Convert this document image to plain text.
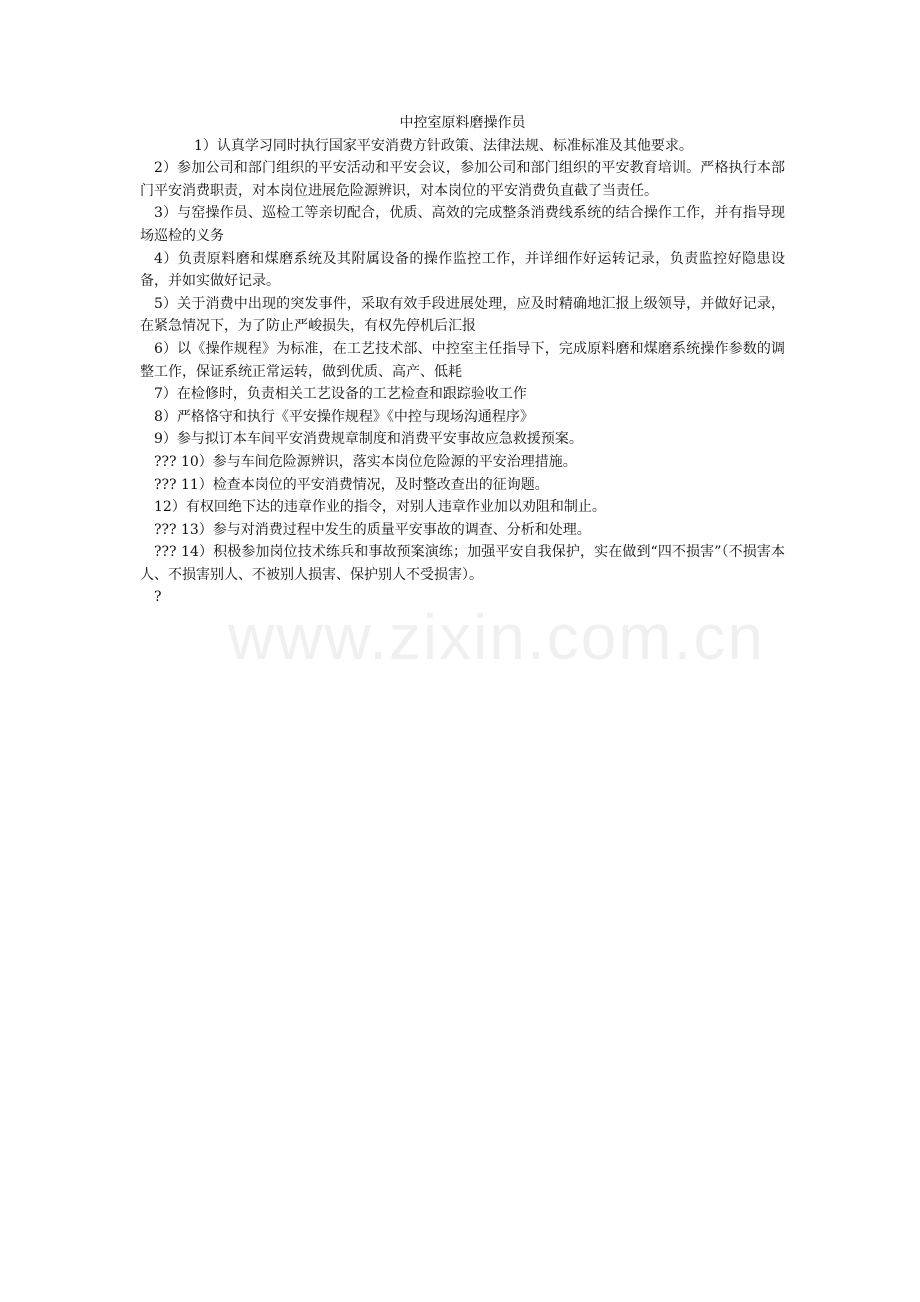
www.zixin.com.cn

中控室原料磨操作员

1）认真学习同时执行国家平安消费方针政策、法律法规、标准标准及其他要求。

2）参加公司和部门组织的平安活动和平安会议，参加公司和部门组织的平安教育培训。严格执行本部门平安消费职责，对本岗位进展危险源辨识，对本岗位的平安消费负直截了当责任。

3）与窑操作员、巡检工等亲切配合，优质、高效的完成整条消费线系统的结合操作工作，并有指导现场巡检的义务

4）负责原料磨和煤磨系统及其附属设备的操作监控工作，并详细作好运转记录，负责监控好隐患设备，并如实做好记录。

5）关于消费中出现的突发事件，采取有效手段进展处理，应及时精确地汇报上级领导，并做好记录，在紧急情况下，为了防止严峻损失，有权先停机后汇报

6）以《操作规程》为标准，在工艺技术部、中控室主任指导下，完成原料磨和煤磨系统操作参数的调整工作，保证系统正常运转，做到优质、高产、低耗

7）在检修时，负责相关工艺设备的工艺检查和跟踪验收工作

8）严格恪守和执行《平安操作规程》《中控与现场沟通程序》

9）参与拟订本车间平安消费规章制度和消费平安事故应急救援预案。

??? 10）参与车间危险源辨识，落实本岗位危险源的平安治理措施。

??? 11）检查本岗位的平安消费情况，及时整改查出的征询题。

12）有权回绝下达的违章作业的指令，对别人违章作业加以劝阻和制止。

??? 13）参与对消费过程中发生的质量平安事故的调查、分析和处理。

??? 14）积极参加岗位技术练兵和事故预案演练；加强平安自我保护，实在做到“四不损害”（不损害本人、不损害别人、不被别人损害、保护别人不受损害）。

?
